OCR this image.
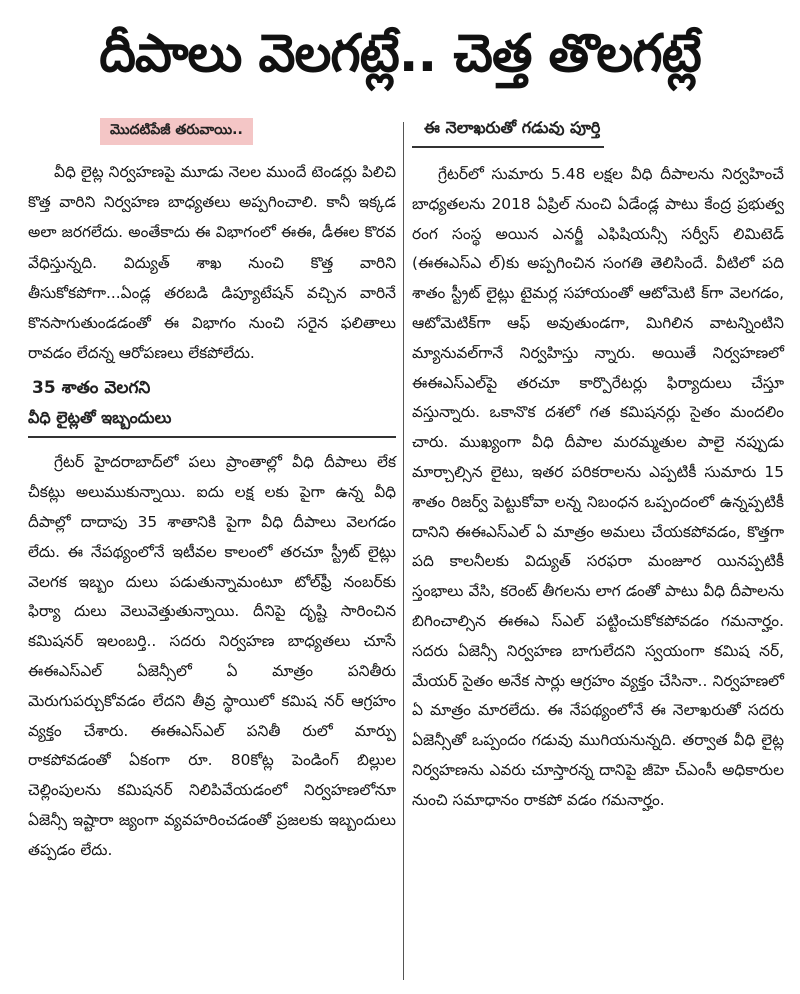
దీపాలు వెలగట్లే.. చెత్త తొలగట్లే
మొదటిపేజీ తరువాయి..

వీధి లైట్ల నిర్వహణపై మూడు నెలల ముందే టెండర్లు పిలిచి కొత్త వారిని నిర్వహణ బాధ్యతలు అప్పగించాలి. కానీ ఇక్కడ అలా జరగలేదు. అంతేకాదు ఈ విభాగంలో ఈఈ, డీఈల కొరవ వేధిస్తున్నది. విద్యుత్ శాఖ నుంచి కొత్త వారిని తీసుకోకపోగా...ఏండ్ల తరబడి డిప్యూటేషన్ వచ్చిన వారినే కొనసాగుతుండడంతో ఈ విభాగం నుంచి సరైన ఫలితాలు రావడం లేదన్న ఆరోపణలు లేకపోలేదు.

35 శాతం వెలగని
వీధి లైట్లతో ఇబ్బందులు

గ్రేటర్ హైదరాబాద్‌లో పలు ప్రాంతాల్లో వీధి దీపాలు లేక చీకట్లు అలుముకున్నాయి. ఐదు లక్ష లకు పైగా ఉన్న వీధి దీపాల్లో దాదాపు 35 శాతానికి పైగా వీధి దీపాలు వెలగడం లేదు. ఈ నేపథ్యంలోనే ఇటీవల కాలంలో తరచూ స్ట్రీట్ లైట్లు వెలగక ఇబ్బం దులు పడుతున్నామంటూ టోల్‌ఫ్రీ నంబర్‌కు ఫిర్యా దులు వెలువెత్తుతున్నాయి. దీనిపై దృష్టి సారించిన కమిషనర్ ఇలంబర్తి.. సదరు నిర్వహణ బాధ్యతలు చూసే ఈఈఎస్‌ఎల్ ఏజెన్సీలో ఏ మాత్రం పనితీరు మెరుగుపర్చుకోవడం లేదని తీవ్ర స్థాయిలో కమిష నర్ ఆగ్రహం వ్యక్తం చేశారు. ఈఈఎస్‌ఎల్ పనితీ రులో మార్పు రాకపోవడంతో ఏకంగా రూ. 80కోట్ల పెండింగ్ బిల్లుల చెల్లింపులను కమిషనర్ నిలిపివేయడంలో నిర్వహణలోనూ ఏజెన్సీ ఇష్టారా జ్యంగా వ్యవహరించడంతో ప్రజలకు ఇబ్బందులు తప్పడం లేదు.

ఈ నెలాఖరుతో గడువు పూర్తి

గ్రేటర్‌లో సుమారు 5.48 లక్షల వీధి దీపాలను నిర్వహించే బాధ్యతలను 2018 ఏప్రిల్ నుంచి ఏడేండ్ల పాటు కేంద్ర ప్రభుత్వ రంగ సంస్థ అయిన ఎనర్జీ ఎఫిషియన్సీ సర్వీస్ లిమిటెడ్ (ఈఈఎస్‌ఎ ల్)కు అప్పగించిన సంగతి తెలిసిందే. వీటిలో పది శాతం స్ట్రీట్ లైట్లు టైమర్ల సహాయంతో ఆటోమెటి క్‌గా వెలగడం, ఆటోమెటిక్‌గా ఆఫ్ అవుతుండగా, మిగిలిన వాటన్నింటిని మ్యానువల్‌గానే నిర్వహిస్తు న్నారు. అయితే నిర్వహణలో ఈఈఎస్‌ఎల్‌పై తరచూ కార్పొరేటర్లు ఫిర్యాదులు చేస్తూ వస్తున్నారు. ఒకానొక దశలో గత కమిషనర్లు సైతం మందలిం చారు. ముఖ్యంగా వీధి దీపాల మరమ్మతుల పాలై నప్పుడు మార్చాల్సిన లైటు, ఇతర పరికరాలను ఎప్పటికీ సుమారు 15 శాతం రిజర్వ్ పెట్టుకోవా లన్న నిబంధన ఒప్పందంలో ఉన్నప్పటికీ దానిని ఈఈఎస్‌ఎల్ ఏ మాత్రం అమలు చేయకపోవడం, కొత్తగా పది కాలనీలకు విద్యుత్ సరఫరా మంజూర యినప్పటికీ స్తంభాలు వేసి, కరెంట్ తీగలను లాగ డంతో పాటు వీధి దీపాలను బిగించాల్సిన ఈఈఎ స్‌ఎల్ పట్టించుకోకపోవడం గమనార్హం. సదరు ఏజెన్సీ నిర్వహణ బాగులేదని స్వయంగా కమిష నర్, మేయర్ సైతం అనేక సార్లు ఆగ్రహం వ్యక్తం చేసినా.. నిర్వహణలో ఏ మాత్రం మారలేదు. ఈ నేపథ్యంలోనే ఈ నెలాఖరుతో సదరు ఏజెన్సీతో ఒప్పందం గడువు ముగియనున్నది. తర్వాత వీధి లైట్ల నిర్వహణను ఎవరు చూస్తారన్న దానిపై జీహె చ్‌ఎంసీ అధికారుల నుంచి సమాధానం రాకపో వడం గమనార్హం.
